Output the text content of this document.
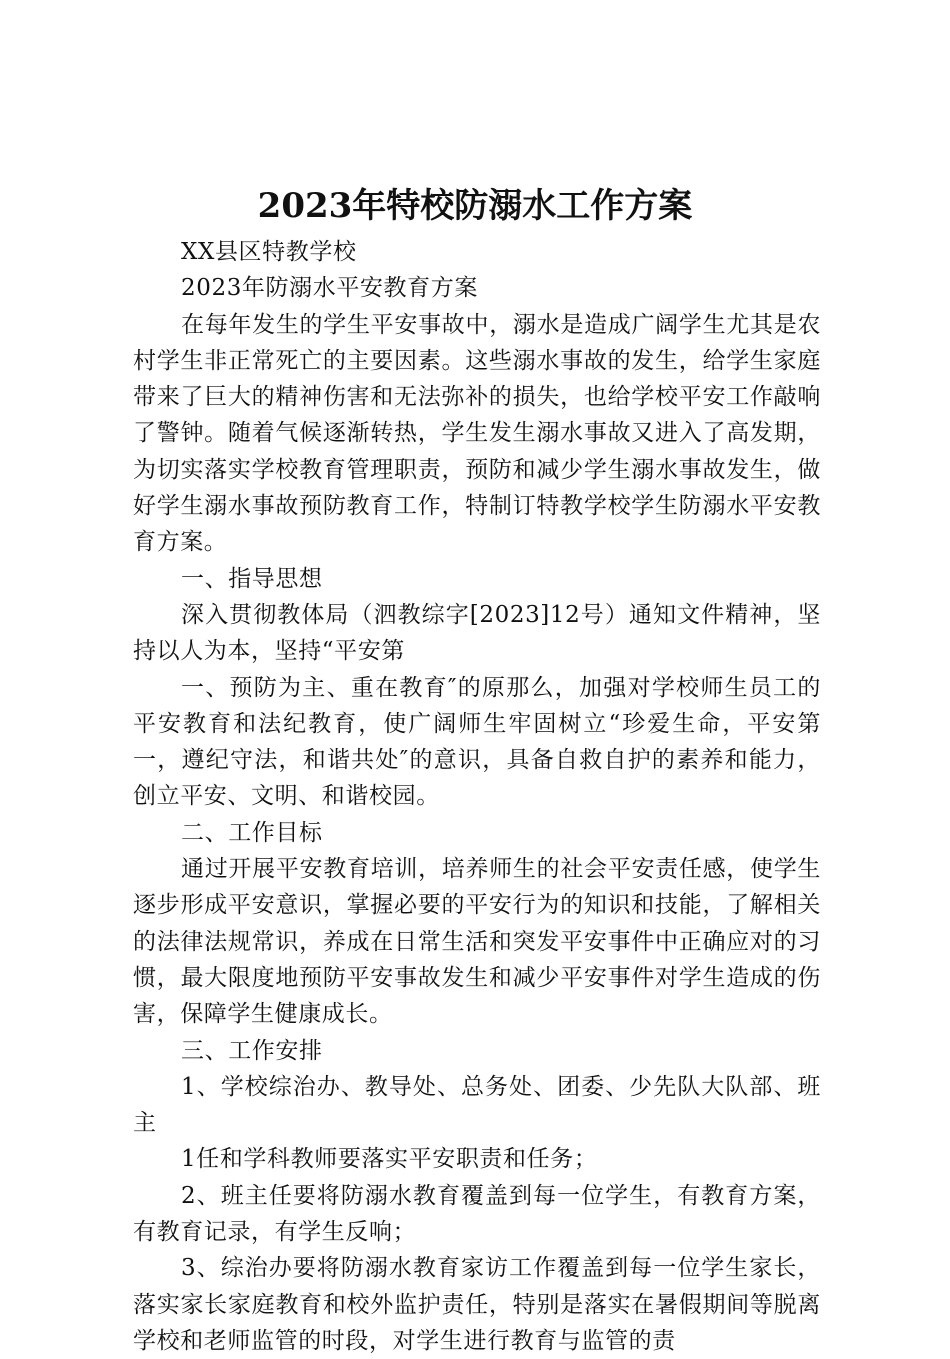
2023年特校防溺水工作方案

XX县区特教学校

2023年防溺水平安教育方案

在每年发生的学生平安事故中，溺水是造成广阔学生尤其是农村学生非正常死亡的主要因素。这些溺水事故的发生，给学生家庭带来了巨大的精神伤害和无法弥补的损失，也给学校平安工作敲响了警钟。随着气候逐渐转热，学生发生溺水事故又进入了高发期，为切实落实学校教育管理职责，预防和减少学生溺水事故发生，做好学生溺水事故预防教育工作，特制订特教学校学生防溺水平安教育方案。

一、指导思想

深入贯彻教体局（泗教综字[2023]12号）通知文件精神，坚持以人为本，坚持“平安第

一、预防为主、重在教育″的原那么，加强对学校师生员工的平安教育和法纪教育，使广阔师生牢固树立“珍爱生命，平安第一，遵纪守法，和谐共处″的意识，具备自救自护的素养和能力，创立平安、文明、和谐校园。

二、工作目标

通过开展平安教育培训，培养师生的社会平安责任感，使学生逐步形成平安意识，掌握必要的平安行为的知识和技能，了解相关的法律法规常识，养成在日常生活和突发平安事件中正确应对的习惯，最大限度地预防平安事故发生和减少平安事件对学生造成的伤害，保障学生健康成长。

三、工作安排

1、学校综治办、教导处、总务处、团委、少先队大队部、班主

1任和学科教师要落实平安职责和任务；

2、班主任要将防溺水教育覆盖到每一位学生，有教育方案，有教育记录，有学生反响；

3、综治办要将防溺水教育家访工作覆盖到每一位学生家长，落实家长家庭教育和校外监护责任，特别是落实在暑假期间等脱离学校和老师监管的时段，对学生进行教育与监管的责
